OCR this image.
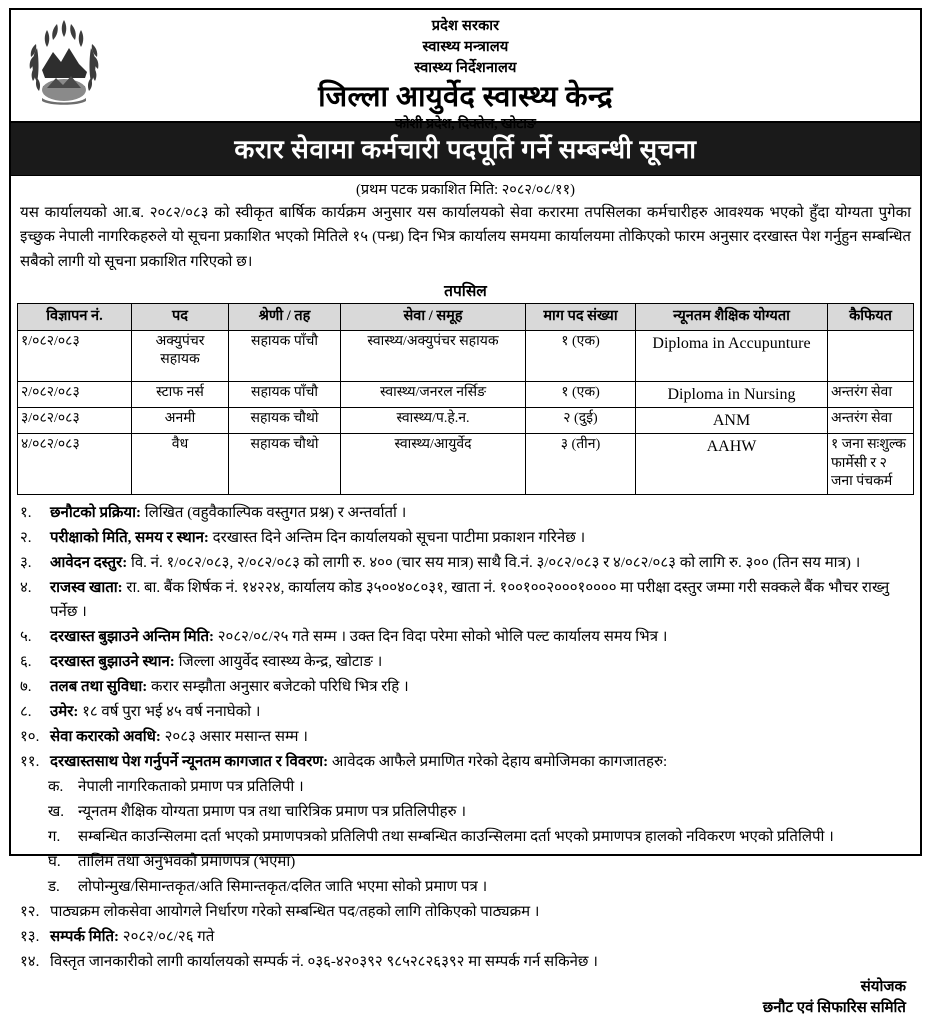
प्रदेश सरकार
स्वास्थ्य मन्त्रालय
स्वास्थ्य निर्देशनालय
जिल्ला आयुर्वेद स्वास्थ्य केन्द्र
कोशी प्रदेश, दिक्तेल, खोटाङ
करार सेवामा कर्मचारी पदपूर्ति गर्ने सम्बन्धी सूचना
(प्रथम पटक प्रकाशित मिति: २०८२/०८/११)
यस कार्यालयको आ.ब. २०८२/०८३ को स्वीकृत बार्षिक कार्यक्रम अनुसार यस कार्यालयको सेवा करारमा तपसिलका कर्मचारीहरु आवश्यक भएको हुँदा योग्यता पुगेका इच्छुक नेपाली नागरिकहरुले यो सूचना प्रकाशित भएको मितिले १५ (पन्ध्र) दिन भित्र कार्यालय समयमा कार्यालयमा तोकिएको फारम अनुसार दरखास्त पेश गर्नुहुन सम्बन्धित सबैको लागी यो सूचना प्रकाशित गरिएको छ।
तपसिल
विज्ञापन नं.	पद	श्रेणी / तह	सेवा / समूह	माग पद संख्या	न्यूनतम शैक्षिक योग्यता	कैफियत
१/०८२/०८३	अक्युपंचर सहायक	सहायक पाँचौ	स्वास्थ्य/अक्युपंचर सहायक	१ (एक)	Diploma in Accupunture	
२/०८२/०८३	स्टाफ नर्स	सहायक पाँचौ	स्वास्थ्य/जनरल नर्सिङ	१ (एक)	Diploma in Nursing	अन्तरंग सेवा
३/०८२/०८३	अनमी	सहायक चौथो	स्वास्थ्य/प.हे.न.	२ (दुई)	ANM	अन्तरंग सेवा
४/०८२/०८३	वैध	सहायक चौथो	स्वास्थ्य/आयुर्वेद	३ (तीन)	AAHW	१ जना सःशुल्क फार्मेसी र २ जना पंचकर्म
१.	छनौटको प्रक्रिया: लिखित (वहुवैकाल्पिक वस्तुगत प्रश्न) र अन्तर्वार्ता ।
२.	परीक्षाको मिति, समय र स्थान: दरखास्त दिने अन्तिम दिन कार्यालयको सूचना पाटीमा प्रकाशन गरिनेछ ।
३.	आवेदन दस्तुर: वि. नं. १/०८२/०८३, २/०८२/०८३ को लागी रु. ४०० (चार सय मात्र) साथै वि.नं. ३/०८२/०८३ र ४/०८२/०८३ को लागि रु. ३०० (तिन सय मात्र) ।
४.	राजस्व खाता: रा. बा. बैंक शिर्षक नं. १४२२४, कार्यालय कोड ३५००४०८०३१, खाता नं. १००१००२०००१०००० मा परीक्षा दस्तुर जम्मा गरी सक्कले बैंक भौचर राख्नु पर्नेछ ।
५.	दरखास्त बुझाउने अन्तिम मिति: २०८२/०८/२५ गते सम्म । उक्त दिन विदा परेमा सोको भोलि पल्ट कार्यालय समय भित्र ।
६.	दरखास्त बुझाउने स्थान: जिल्ला आयुर्वेद स्वास्थ्य केन्द्र, खोटाङ ।
७.	तलब तथा सुविधा: करार सम्झौता अनुसार बजेटको परिधि भित्र रहि ।
८.	उमेर: १८ वर्ष पुरा भई ४५ वर्ष ननाघेको ।
१०. सेवा करारको अवधि: २०८३ असार मसान्त सम्म ।
११. दरखास्तसाथ पेश गर्नुपर्ने न्यूनतम कागजात र विवरण: आवेदक आफैले प्रमाणित गरेको देहाय बमोजिमका कागजातहरु:
क. नेपाली नागरिकताको प्रमाण पत्र प्रतिलिपी ।
ख. न्यूनतम शैक्षिक योग्यता प्रमाण पत्र तथा चारित्रिक प्रमाण पत्र प्रतिलिपीहरु ।
ग.	सम्बन्धित काउन्सिलमा दर्ता भएको प्रमाणपत्रको प्रतिलिपी तथा सम्बन्धित काउन्सिलमा दर्ता भएको प्रमाणपत्र हालको नविकरण भएको प्रतिलिपी ।
घ.	तालिम तथा अनुभवको प्रमाणपत्र (भएमा)
ड.	लोपोन्मुख/सिमान्तकृत/अति सिमान्तकृत/दलित जाति भएमा सोको प्रमाण पत्र ।
१२. पाठ्यक्रम लोकसेवा आयोगले निर्धारण गरेको सम्बन्धित पद/तहको लागि तोकिएको पाठ्यक्रम ।
१३. सम्पर्क मिति: २०८२/०८/२६ गते
१४. विस्तृत जानकारीको लागी कार्यालयको सम्पर्क नं. ०३६-४२०३९२ ९८५२८२६३९२ मा सम्पर्क गर्न सकिनेछ ।
संयोजक
छनौट एवं सिफारिस समिति
